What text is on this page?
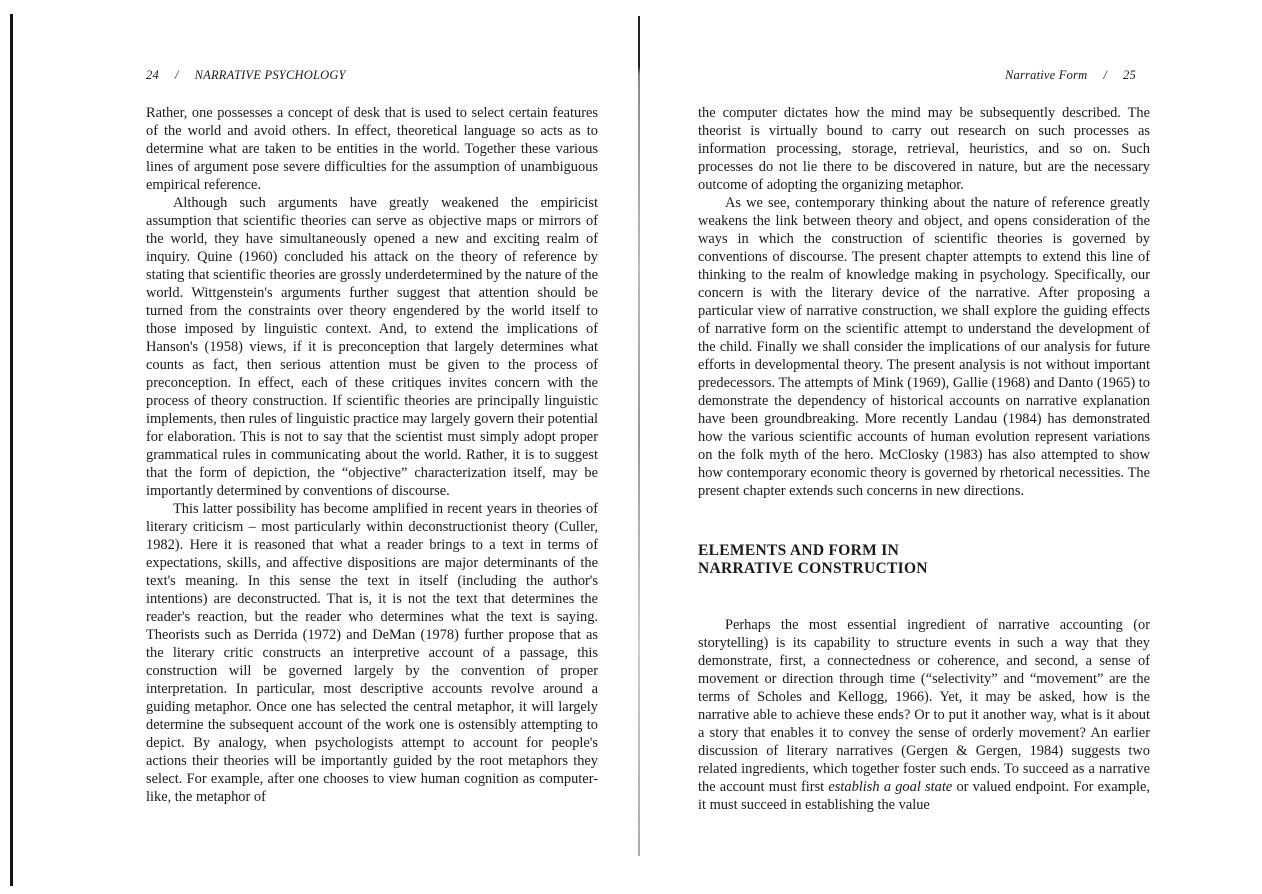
24 / NARRATIVE PSYCHOLOGY

Rather, one possesses a concept of desk that is used to select certain features of the world and avoid others. In effect, theoretical language so acts as to determine what are taken to be entities in the world. Together these various lines of argument pose severe difficulties for the assumption of unambiguous empirical reference.

Although such arguments have greatly weakened the empiricist assumption that scientific theories can serve as objective maps or mirrors of the world, they have simultaneously opened a new and exciting realm of inquiry. Quine (1960) concluded his attack on the theory of reference by stating that scientific theories are grossly underdetermined by the nature of the world. Wittgenstein's arguments further suggest that attention should be turned from the constraints over theory engendered by the world itself to those imposed by linguistic context. And, to extend the implications of Hanson's (1958) views, if it is preconception that largely determines what counts as fact, then serious attention must be given to the process of preconception. In effect, each of these critiques invites concern with the process of theory construction. If scientific theories are principally linguistic implements, then rules of linguistic practice may largely govern their potential for elaboration. This is not to say that the scientist must simply adopt proper grammatical rules in communicating about the world. Rather, it is to suggest that the form of depiction, the “objective” characterization itself, may be importantly determined by conventions of discourse.

This latter possibility has become amplified in recent years in theories of literary criticism – most particularly within deconstructionist theory (Culler, 1982). Here it is reasoned that what a reader brings to a text in terms of expectations, skills, and affective dispositions are major determinants of the text's meaning. In this sense the text in itself (including the author's intentions) are deconstructed. That is, it is not the text that determines the reader's reaction, but the reader who determines what the text is saying. Theorists such as Derrida (1972) and DeMan (1978) further propose that as the literary critic constructs an interpretive account of a passage, this construction will be governed largely by the convention of proper interpretation. In particular, most descriptive accounts revolve around a guiding metaphor. Once one has selected the central metaphor, it will largely determine the subsequent account of the work one is ostensibly attempting to depict. By analogy, when psychologists attempt to account for people's actions their theories will be importantly guided by the root metaphors they select. For example, after one chooses to view human cognition as computer-like, the metaphor of

Narrative Form / 25

the computer dictates how the mind may be subsequently described. The theorist is virtually bound to carry out research on such processes as information processing, storage, retrieval, heuristics, and so on. Such processes do not lie there to be discovered in nature, but are the necessary outcome of adopting the organizing metaphor.

As we see, contemporary thinking about the nature of reference greatly weakens the link between theory and object, and opens consideration of the ways in which the construction of scientific theories is governed by conventions of discourse. The present chapter attempts to extend this line of thinking to the realm of knowledge making in psychology. Specifically, our concern is with the literary device of the narrative. After proposing a particular view of narrative construction, we shall explore the guiding effects of narrative form on the scientific attempt to understand the development of the child. Finally we shall consider the implications of our analysis for future efforts in developmental theory. The present analysis is not without important predecessors. The attempts of Mink (1969), Gallie (1968) and Danto (1965) to demonstrate the dependency of historical accounts on narrative explanation have been groundbreaking. More recently Landau (1984) has demonstrated how the various scientific accounts of human evolution represent variations on the folk myth of the hero. McClosky (1983) has also attempted to show how contemporary economic theory is governed by rhetorical necessities. The present chapter extends such concerns in new directions.

ELEMENTS AND FORM IN
NARRATIVE CONSTRUCTION

Perhaps the most essential ingredient of narrative accounting (or storytelling) is its capability to structure events in such a way that they demonstrate, first, a connectedness or coherence, and second, a sense of movement or direction through time (“selectivity” and “movement” are the terms of Scholes and Kellogg, 1966). Yet, it may be asked, how is the narrative able to achieve these ends? Or to put it another way, what is it about a story that enables it to convey the sense of orderly movement? An earlier discussion of literary narratives (Gergen & Gergen, 1984) suggests two related ingredients, which together foster such ends. To succeed as a narrative the account must first establish a goal state or valued endpoint. For example, it must succeed in establishing the value
